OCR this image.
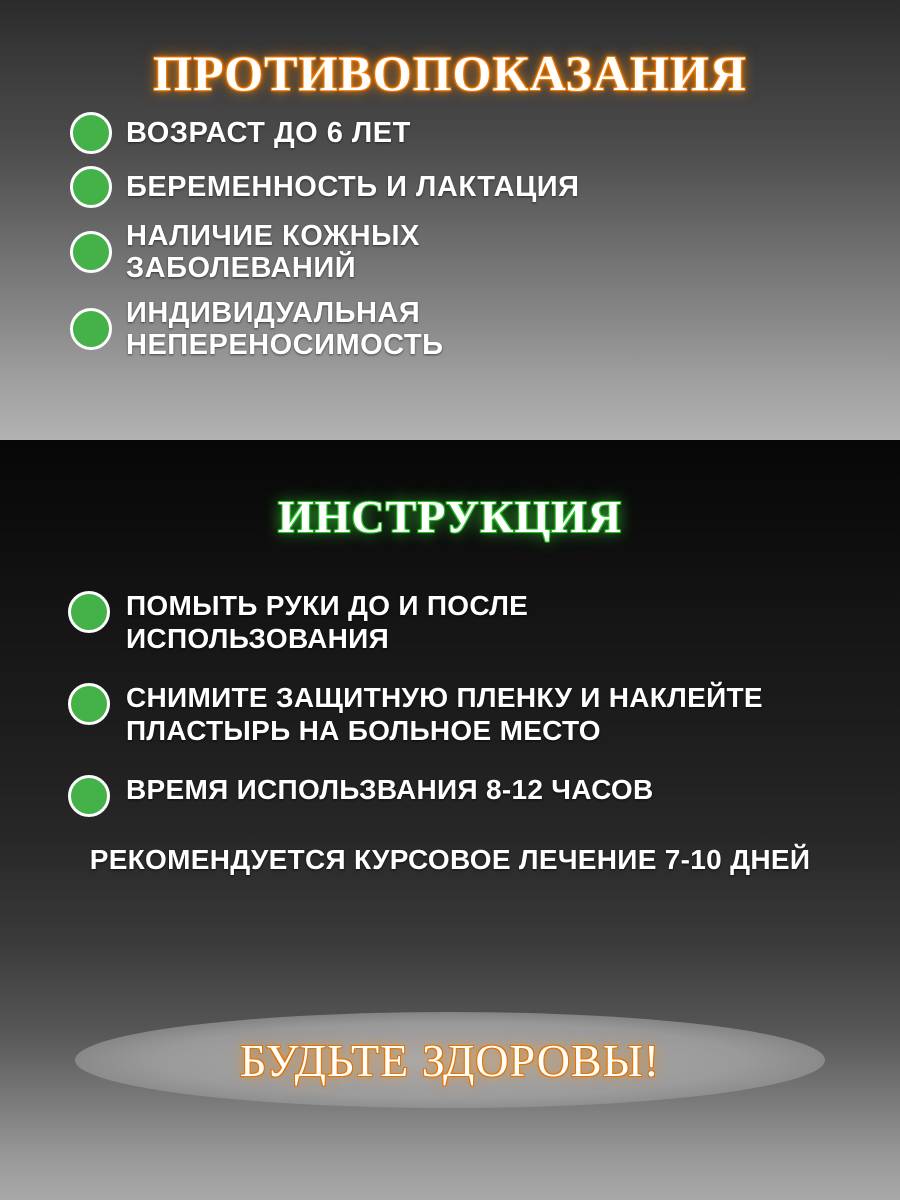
ПРОТИВОПОКАЗАНИЯ
ВОЗРАСТ ДО 6 ЛЕТ
БЕРЕМЕННОСТЬ И ЛАКТАЦИЯ
НАЛИЧИЕ КОЖНЫХ ЗАБОЛЕВАНИЙ
ИНДИВИДУАЛЬНАЯ НЕПЕРЕНОСИМОСТЬ
ИНСТРУКЦИЯ
ПОМЫТЬ РУКИ ДО И ПОСЛЕ ИСПОЛЬЗОВАНИЯ
СНИМИТЕ ЗАЩИТНУЮ ПЛЕНКУ И НАКЛЕЙТЕ ПЛАСТЫРЬ НА БОЛЬНОЕ МЕСТО
ВРЕМЯ ИСПОЛЬЗВАНИЯ 8-12 ЧАСОВ

РЕКОМЕНДУЕТСЯ КУРСОВОЕ ЛЕЧЕНИЕ 7-10 ДНЕЙ

БУДЬТЕ ЗДОРОВЫ!
